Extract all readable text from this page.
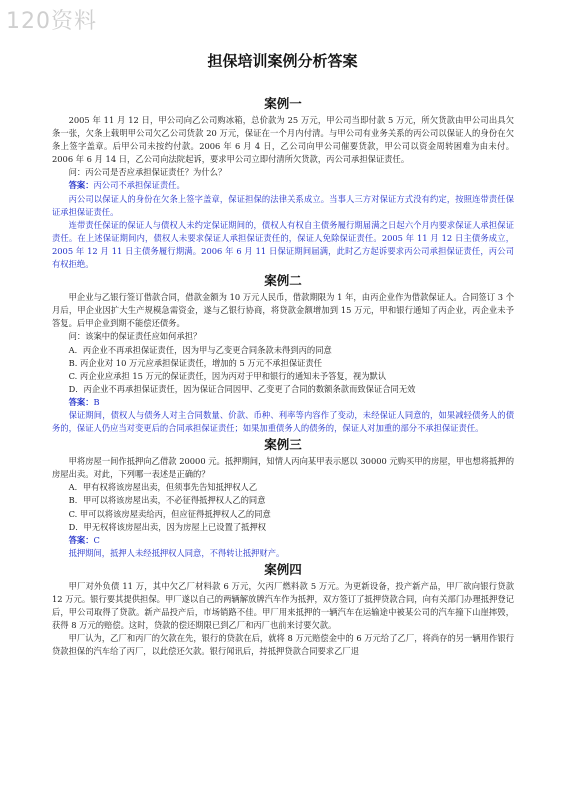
120资料
担保培训案例分析答案
案例一

2005 年 11 月 12 日，甲公司向乙公司购冰箱，总价款为 25 万元，甲公司当即付款 5 万元，所欠货款由甲公司出具欠条一张，欠条上载明甲公司欠乙公司货款 20 万元，保证在一个月内付清。与甲公司有业务关系的丙公司以保证人的身份在欠条上签字盖章。后甲公司未按约付款。2006 年 6 月 4 日，乙公司向甲公司催要货款，甲公司以资金周转困难为由未付。2006 年 6 月 14 日，乙公司向法院起诉，要求甲公司立即付清所欠货款，丙公司承担保证责任。

问：丙公司是否应承担保证责任？为什么？

答案：丙公司不承担保证责任。

丙公司以保证人的身份在欠条上签字盖章，保证担保的法律关系成立。当事人三方对保证方式没有约定，按照连带责任保证承担保证责任。

连带责任保证的保证人与债权人未约定保证期间的，债权人有权自主债务履行期届满之日起六个月内要求保证人承担保证责任。在上述保证期间内，债权人未要求保证人承担保证责任的，保证人免除保证责任。2005 年 11 月 12 日主债务成立，2005 年 12 月 11 日主债务履行期满。2006 年 6 月 11 日保证期间届满，此时乙方起诉要求丙公司承担保证责任，丙公司有权拒绝。

案例二

甲企业与乙银行签订借款合同，借款金额为 10 万元人民币，借款期限为 1 年，由丙企业作为借款保证人。合同签订 3 个月后，甲企业因扩大生产规模急需资金，遂与乙银行协商，将贷款金额增加到 15 万元，甲和银行通知了丙企业，丙企业未予答复。后甲企业到期不能偿还债务。

问：该案中的保证责任应如何承担？

A．丙企业不再承担保证责任，因为甲与乙变更合同条款未得到丙的同意

B. 丙企业对 10 万元应承担保证责任，增加的 5 万元不承担保证责任

C. 丙企业应承担 15 万元的保证责任，因为丙对于甲和银行的通知未予答复，视为默认

D．丙企业不再承担保证责任，因为保证合同因甲、乙变更了合同的数额条款而致保证合同无效

答案：B

保证期间，债权人与债务人对主合同数量、价款、币种、利率等内容作了变动，未经保证人同意的，如果减轻债务人的债务的，保证人仍应当对变更后的合同承担保证责任；如果加重债务人的债务的，保证人对加重的部分不承担保证责任。

案例三

甲将房屋一间作抵押向乙借款 20000 元。抵押期间，知情人丙向某甲表示愿以 30000 元购买甲的房屋，甲也想将抵押的房屋出卖。对此，下列哪一表述是正确的？

A．甲有权将该房屋出卖，但须事先告知抵押权人乙

B．甲可以将该房屋出卖，不必征得抵押权人乙的同意

C. 甲可以将该房屋卖给丙，但应征得抵押权人乙的同意

D．甲无权将该房屋出卖，因为房屋上已设置了抵押权

答案：C

抵押期间，抵押人未经抵押权人同意，不得转让抵押财产。

案例四

甲厂对外负债 11 万，其中欠乙厂材料款 6 万元，欠丙厂燃料款 5 万元。为更新设备，投产新产品，甲厂欲向银行贷款 12 万元。银行要其提供担保。甲厂遂以自己的两辆解放牌汽车作为抵押，双方签订了抵押贷款合同，向有关部门办理抵押登记后，甲公司取得了贷款。新产品投产后，市场销路不佳。甲厂用来抵押的一辆汽车在运输途中被某公司的汽车撞下山崖摔毁，获得 8 万元的赔偿。这时，贷款的偿还期限已到乙厂和丙厂也前来讨要欠款。

甲厂认为，乙厂和丙厂的欠款在先，银行的贷款在后，就将 8 万元赔偿金中的 6 万元给了乙厂，将尚存的另一辆用作银行贷款担保的汽车给了丙厂，以此偿还欠款。银行闻讯后，持抵押贷款合同要求乙厂退
